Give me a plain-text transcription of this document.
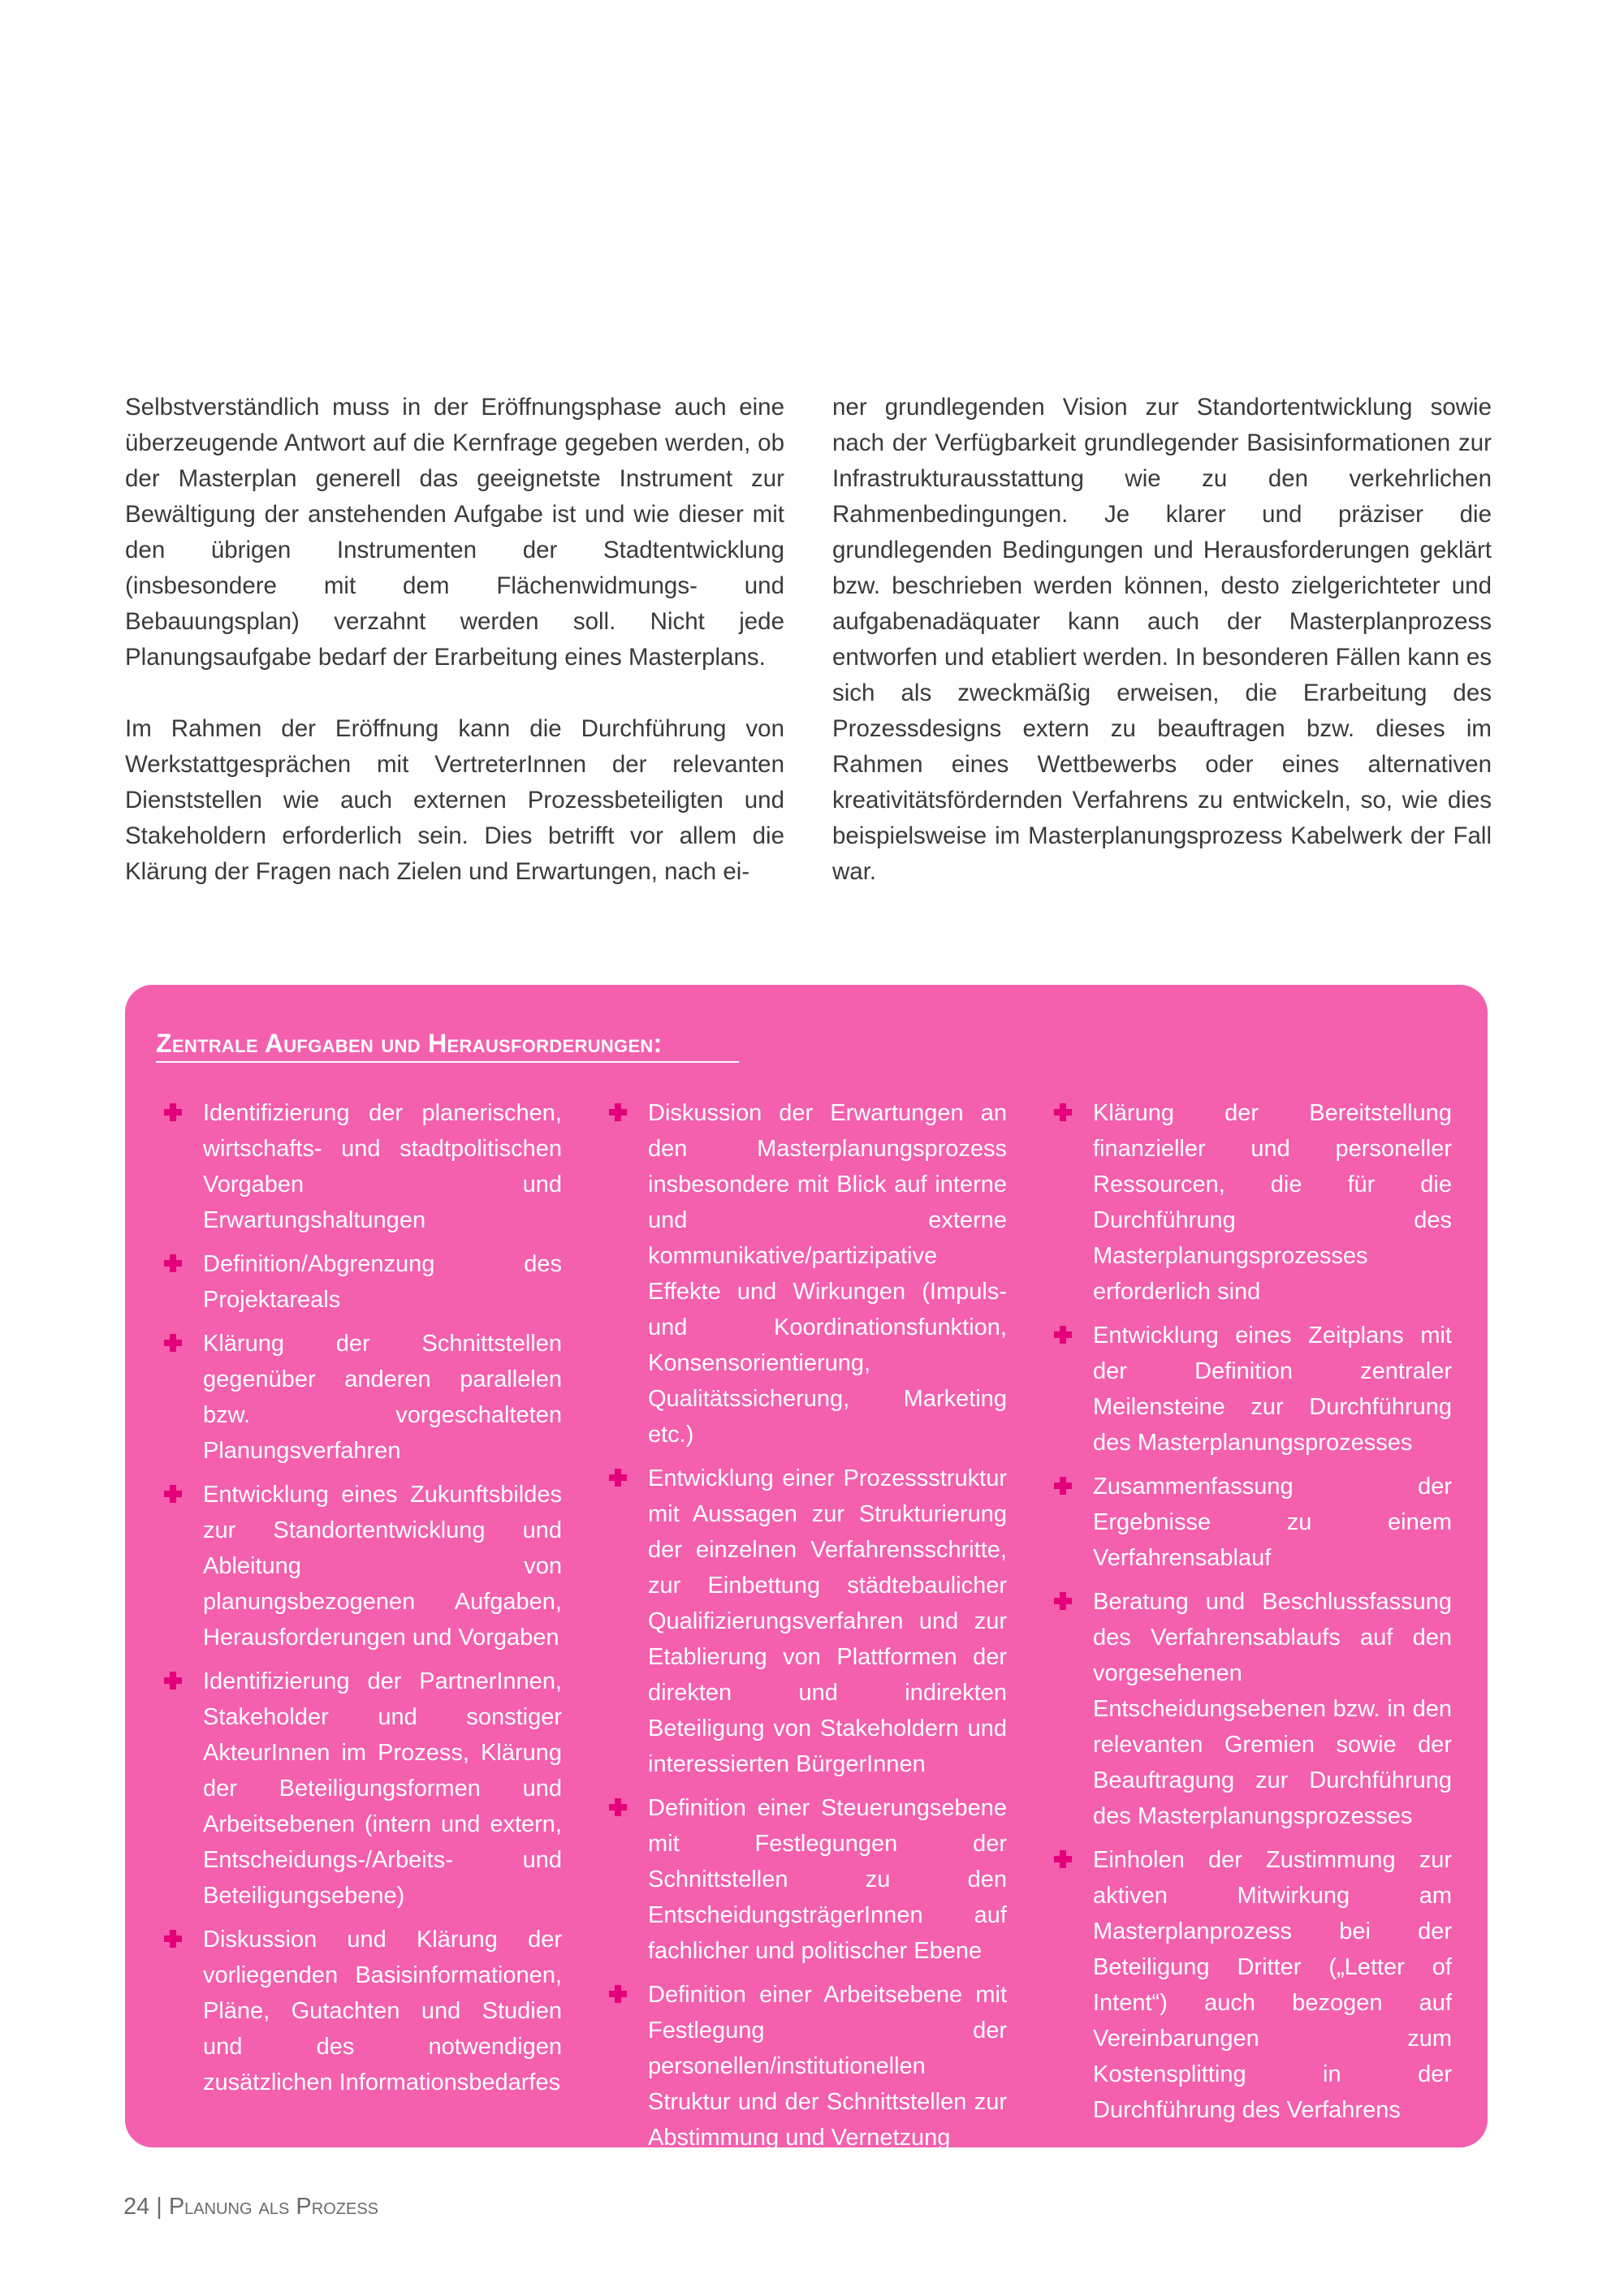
Selbstverständlich muss in der Eröffnungsphase auch eine überzeugende Antwort auf die Kernfrage gegeben werden, ob der Masterplan generell das geeignetste Instrument zur Bewältigung der anstehenden Aufgabe ist und wie dieser mit den übrigen Instrumenten der Stadtentwicklung (insbesondere mit dem Flächenwidmungs- und Bebauungsplan) verzahnt werden soll. Nicht jede Planungsaufgabe bedarf der Erarbeitung eines Masterplans.

Im Rahmen der Eröffnung kann die Durchführung von Werkstattgesprächen mit VertreterInnen der relevanten Dienststellen wie auch externen Prozessbeteiligten und Stakeholdern erforderlich sein. Dies betrifft vor allem die Klärung der Fragen nach Zielen und Erwartungen, nach ei-

ner grundlegenden Vision zur Standortentwicklung sowie nach der Verfügbarkeit grundlegender Basisinformationen zur Infrastrukturausstattung wie zu den verkehrlichen Rahmenbedingungen. Je klarer und präziser die grundlegenden Bedingungen und Herausforderungen geklärt bzw. beschrieben werden können, desto zielgerichteter und aufgabenadäquater kann auch der Masterplanprozess entworfen und etabliert werden. In besonderen Fällen kann es sich als zweckmäßig erweisen, die Erarbeitung des Prozessdesigns extern zu beauftragen bzw. dieses im Rahmen eines Wettbewerbs oder eines alternativen kreativitätsfördernden Verfahrens zu entwickeln, so, wie dies beispielsweise im Masterplanungsprozess Kabelwerk der Fall war.

Zentrale Aufgaben und Herausforderungen:
Identifizierung der planerischen, wirtschafts- und stadtpolitischen Vorgaben und Erwartungshaltungen
Definition/Abgrenzung des Projektareals
Klärung der Schnittstellen gegenüber anderen parallelen bzw. vorgeschalteten Planungsverfahren
Entwicklung eines Zukunftsbildes zur Standortentwicklung und Ableitung von planungsbezogenen Aufgaben, Herausforderungen und Vorgaben
Identifizierung der PartnerInnen, Stakeholder und sonstiger AkteurInnen im Prozess, Klärung der Beteiligungsformen und Arbeitsebenen (intern und extern, Entscheidungs-/Arbeits- und Beteiligungsebene)
Diskussion und Klärung der vorliegenden Basisinformationen, Pläne, Gutachten und Studien und des notwendigen zusätzlichen Informationsbedarfes
Diskussion der Erwartungen an den Masterplanungsprozess insbesondere mit Blick auf interne und externe kommunikative/partizipative Effekte und Wirkungen (Impuls- und Koordinationsfunktion, Konsensorientierung, Qualitätssicherung, Marketing etc.)
Entwicklung einer Prozessstruktur mit Aussagen zur Strukturierung der einzelnen Verfahrensschritte, zur Einbettung städtebaulicher Qualifizierungsverfahren und zur Etablierung von Plattformen der direkten und indirekten Beteiligung von Stakeholdern und interessierten BürgerInnen
Definition einer Steuerungsebene mit Festlegungen der Schnittstellen zu den EntscheidungsträgerInnen auf fachlicher und politischer Ebene
Definition einer Arbeitsebene mit Festlegung der personellen/institutionellen Struktur und der Schnittstellen zur Abstimmung und Vernetzung
Klärung der Bereitstellung finanzieller und personeller Ressourcen, die für die Durchführung des Masterplanungsprozesses erforderlich sind
Entwicklung eines Zeitplans mit der Definition zentraler Meilensteine zur Durchführung des Masterplanungsprozesses
Zusammenfassung der Ergebnisse zu einem Verfahrensablauf
Beratung und Beschlussfassung des Verfahrensablaufs auf den vorgesehenen Entscheidungsebenen bzw. in den relevanten Gremien sowie der Beauftragung zur Durchführung des Masterplanungsprozesses
Einholen der Zustimmung zur aktiven Mitwirkung am Masterplanprozess bei der Beteiligung Dritter („Letter of Intent“) auch bezogen auf Vereinbarungen zum Kostensplitting in der Durchführung des Verfahrens
24 | Planung als Prozess
